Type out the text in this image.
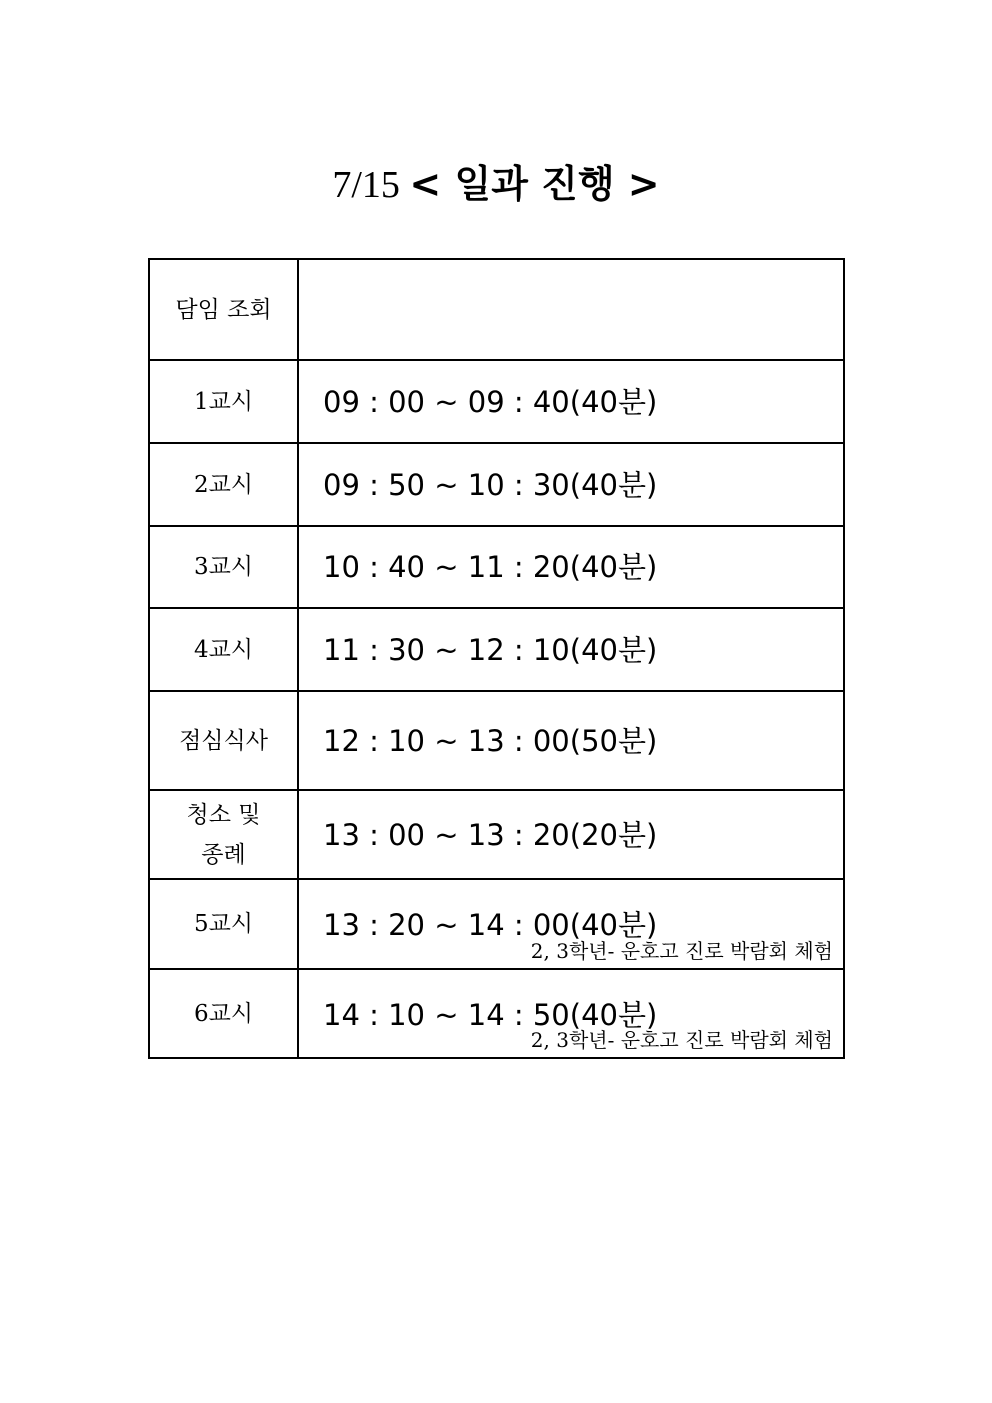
7/15 < 일과 진행 >
담임 조회	
1교시	09 : 00 ~ 09 : 40(40분)
2교시	09 : 50 ~ 10 : 30(40분)
3교시	10 : 40 ~ 11 : 20(40분)
4교시	11 : 30 ~ 12 : 10(40분)
점심식사	12 : 10 ~ 13 : 00(50분)

청소 및
종례	13 : 00 ~ 13 : 20(20분)
5교시	13 : 20 ~ 14 : 00(40분)
2, 3학년- 운호고 진로 박람회 체험

6교시	14 : 10 ~ 14 : 50(40분)
2, 3학년- 운호고 진로 박람회 체험
